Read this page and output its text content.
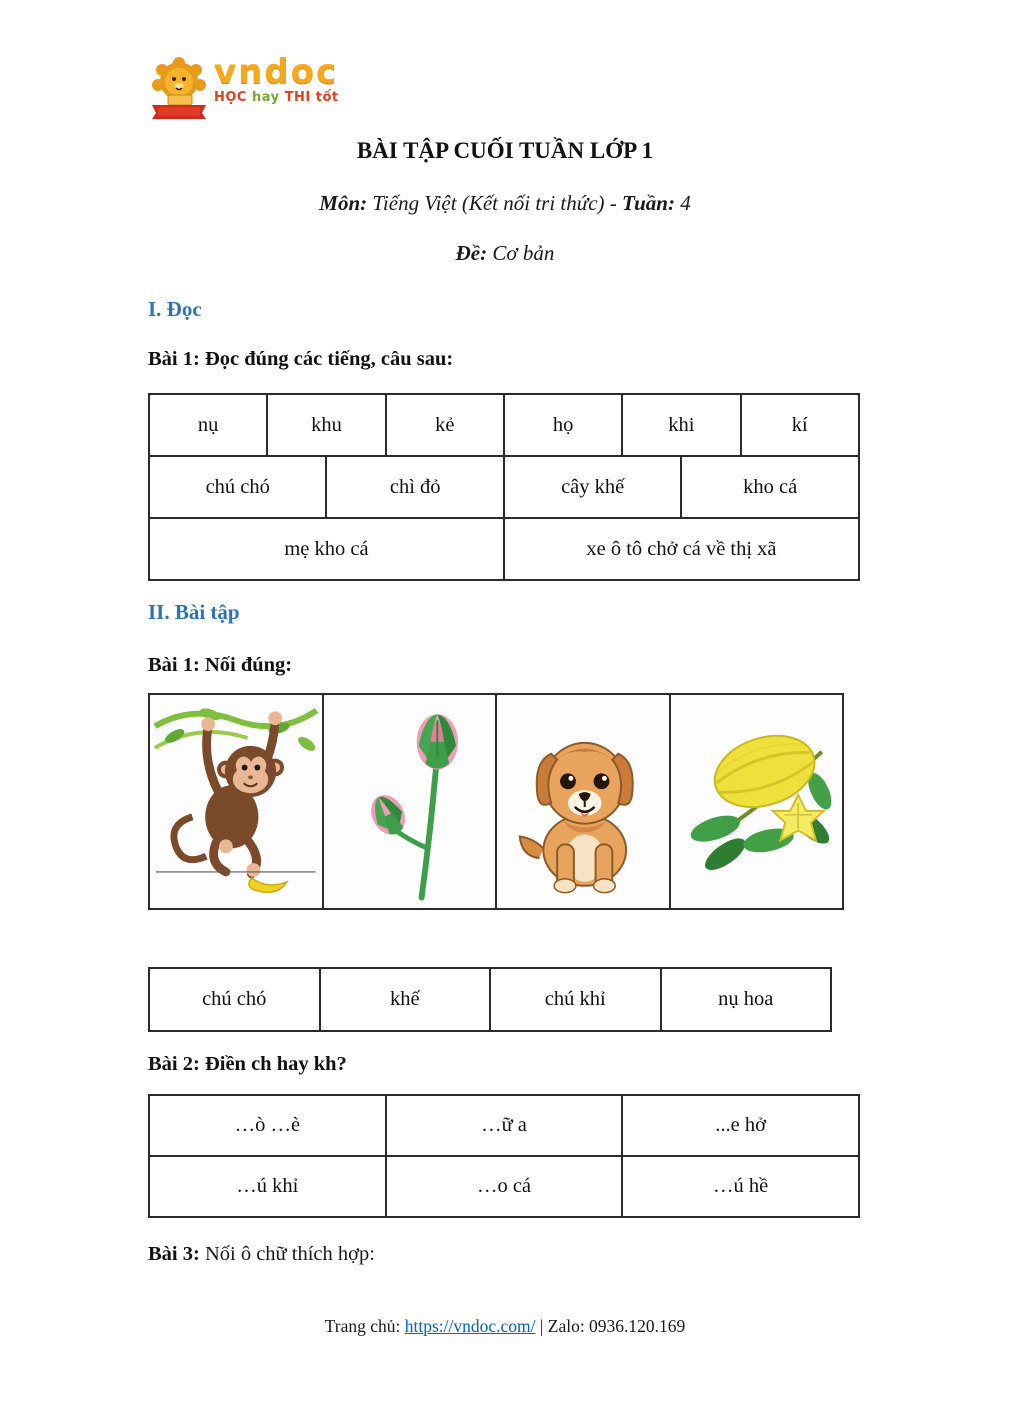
vndoc
HỌC hay THI tốt
BÀI TẬP CUỐI TUẦN LỚP 1
Môn: Tiếng Việt (Kết nối tri thức) - Tuần: 4
Đề: Cơ bản
I. Đọc
Bài 1: Đọc đúng các tiếng, câu sau:
nụ	khu		kẻ	họ	khi		kí
chú chó		chì đỏ		cây khế		kho cá	
mẹ kho cá				xe ô tô chở cá về thị xã			
II. Bài tập
Bài 1: Nối đúng:

chú chó	khế	chú khỉ	nụ hoa
Bài 2: Điền ch hay kh?
…ò …è	…ữ a	...e hở
…ú khỉ	…o cá	…ú hề
Bài 3: Nối ô chữ thích hợp:
Trang chủ: https://vndoc.com/ | Zalo: 0936.120.169
